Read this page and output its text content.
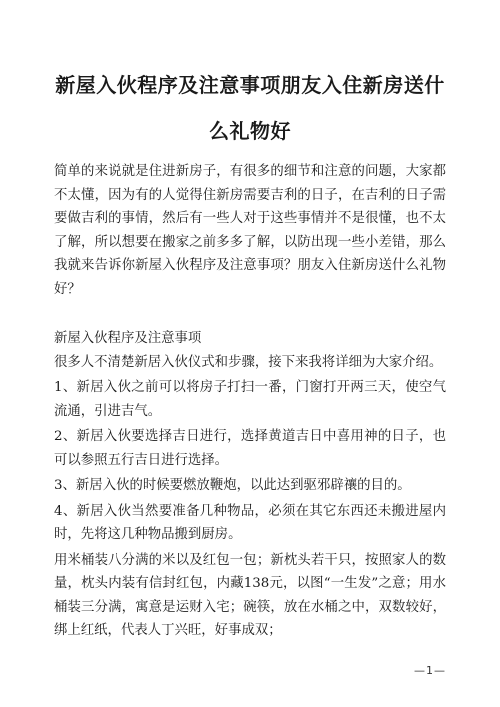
新屋入伙程序及注意事项朋友入住新房送什么礼物好

简单的来说就是住进新房子，有很多的细节和注意的问题，大家都不太懂，因为有的人觉得住新房需要吉利的日子，在吉利的日子需要做吉利的事情，然后有一些人对于这些事情并不是很懂，也不太了解，所以想要在搬家之前多多了解，以防出现一些小差错，那么我就来告诉你新屋入伙程序及注意事项？朋友入住新房送什么礼物好？

新屋入伙程序及注意事项

很多人不清楚新居入伙仪式和步骤，接下来我将详细为大家介绍。

1、新居入伙之前可以将房子打扫一番，门窗打开两三天，使空气流通，引进吉气。

2、新居入伙要选择吉日进行，选择黄道吉日中喜用神的日子，也可以参照五行吉日进行选择。

3、新居入伙的时候要燃放鞭炮，以此达到驱邪辟禳的目的。

4、新居入伙当然要准备几种物品，必须在其它东西还未搬进屋内时，先将这几种物品搬到厨房。

用米桶装八分满的米以及红包一包；新枕头若干只，按照家人的数量，枕头内装有信封红包，内藏138元，以图“一生发”之意；用水桶装三分满，寓意是运财入宅；碗筷，放在水桶之中，双数较好，绑上红纸，代表人丁兴旺，好事成双；

—1—
